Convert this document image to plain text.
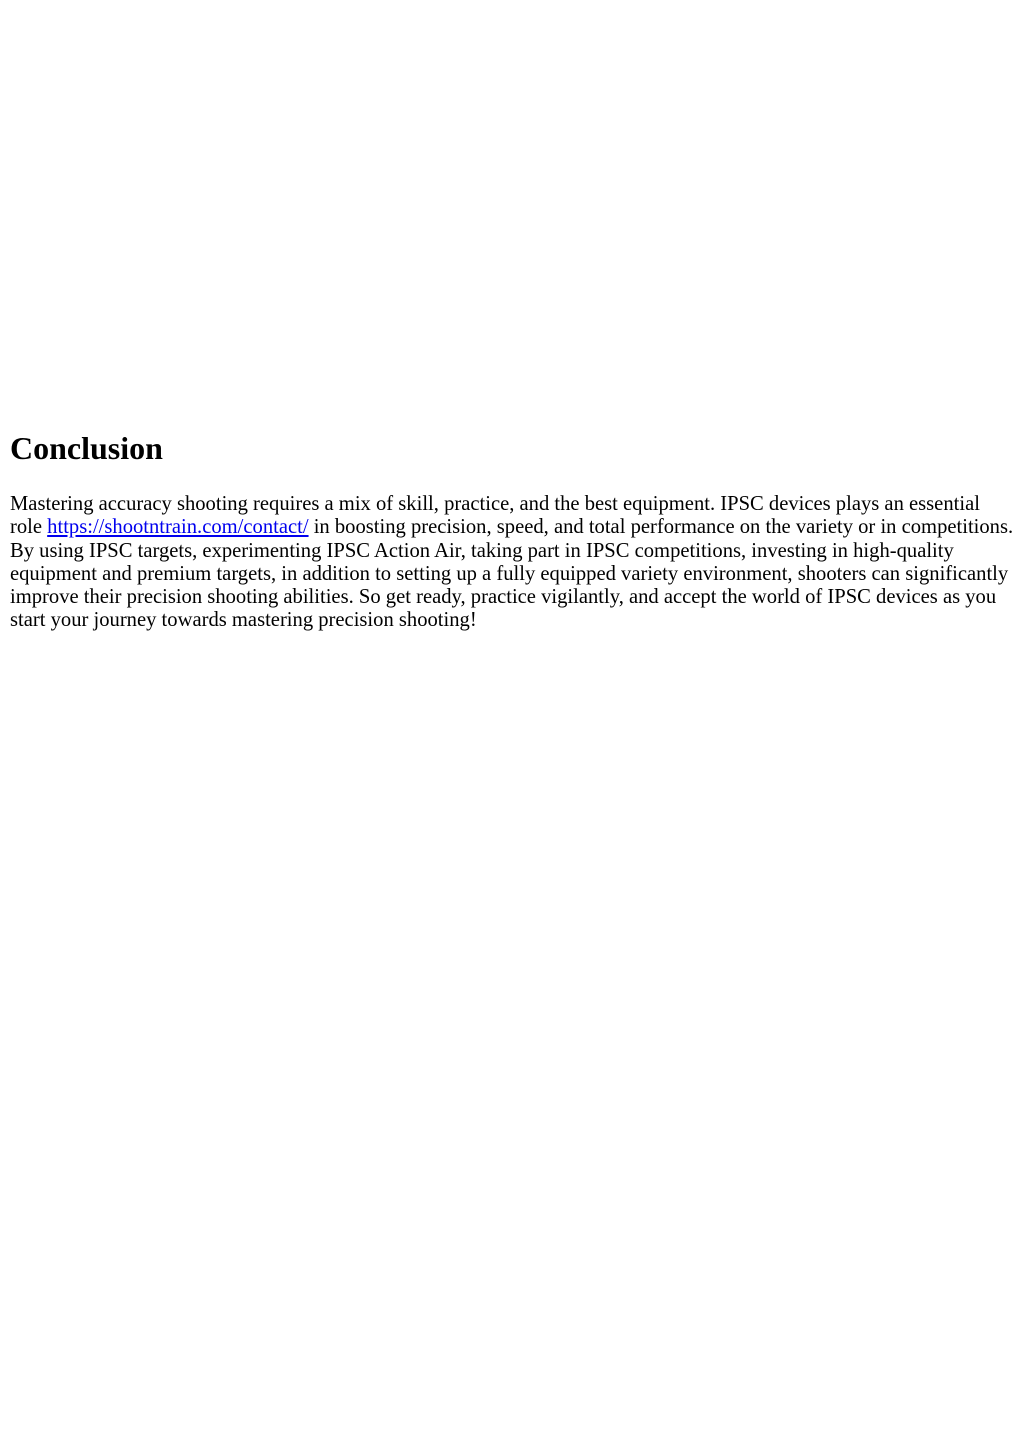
Conclusion

Mastering accuracy shooting requires a mix of skill, practice, and the best equipment. IPSC devices plays an essential role https://shootntrain.com/contact/ in boosting precision, speed, and total performance on the variety or in competitions. By using IPSC targets, experimenting IPSC Action Air, taking part in IPSC competitions, investing in high-quality equipment and premium targets, in addition to setting up a fully equipped variety environment, shooters can significantly improve their precision shooting abilities. So get ready, practice vigilantly, and accept the world of IPSC devices as you start your journey towards mastering precision shooting!
